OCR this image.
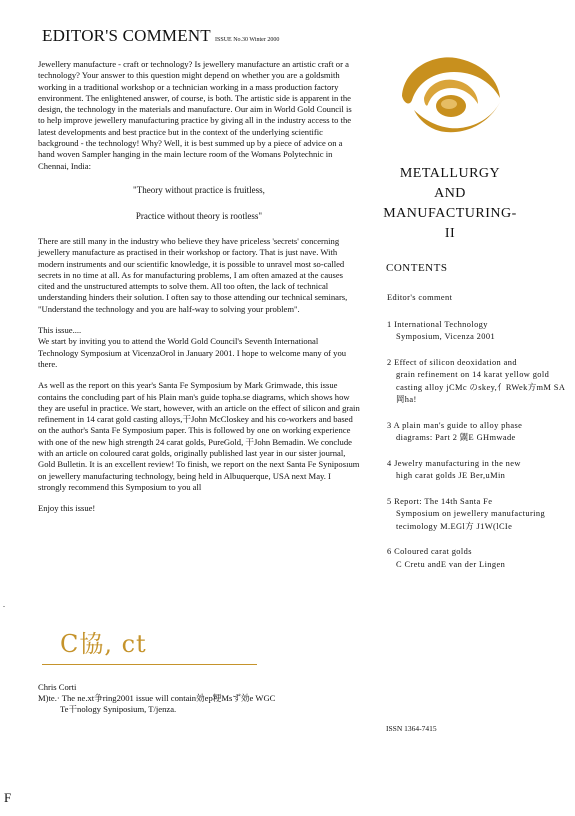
EDITOR'S COMMENT ISSUE No.30 Winter 2000

Jewellery manufacture - craft or technology? Is jewellery manufacture an artistic craft or a technology? Your answer to this question might depend on whether you are a goldsmith working in a traditional workshop or a technician working in a mass production factory environment. The enlightened answer, of course, is both. The artistic side is apparent in the design, the technology in the materials and manufacture. Our aim in World Gold Council is to help improve jewellery manufacturing practice by giving all in the industry access to the latest developments and best practice but in the context of the underlying scientific background - the technology! Why? Well, it is best summed up by a piece of advice on a hand woven Sampler hanging in the main lecture room of the Womans Polytechnic in Chennai, India:

"Theory without practice is fruitless,

Practice without theory is rootless"

There are still many in the industry who believe they have priceless 'secrets' concerning jewellery manufacture as practised in their workshop or factory. That is just nave. With modern instruments and our scientific knowledge, it is possible to unravel most so-called secrets in no time at all. As for manufacturing problems, I am often amazed at the causes cited and the unstructured attempts to solve them. All too often, the lack of technical understanding hinders their solution. I often say to those attending our technical seminars, "Understand the technology and you are half-way to solving your problem".

This issue....

We start by inviting you to attend the World Gold Council's Seventh International Technology Symposium at VicenzaOrol in January 2001. I hope to welcome many of you there.

As well as the report on this year's Santa Fe Symposium by Mark Grimwade, this issue contains the concluding part of his Plain man's guide topha.se diagrams, which shows how they are useful in practice. We start, however, with an article on the effect of silicon and grain refinement in 14 carat gold casting alloys,干John McCloskey and his co-workers and based on the author's Santa Fe Symposium paper. This is followed by one on working experience with one of the new high strength 24 carat golds, PureGold, 干John Bemadin. We conclude with an article on coloured carat golds, originally published last year in our sister journal, Gold Bulletin. It is an excellent review! To finish, we report on the next Santa Fe Syniposıum on jewellery manufacturing technology, being held in Albuquerque, USA next May. I strongly recommend this Symposium to you all

Enjoy this issue!

C協, ct
Chris Corti
M)te.· The ne.xt争ring2001 issue will contain効ep粳Msず効e WGC
Te干nology Syniposium, T/jenza.
.
F
METALLURGY
AND
MANUFACTURING-
II
CONTENTS
Editor's comment
1 International Technology
Symposium, Vicenza 2001
2 Effect of silicon deoxidation and
grain refinement on 14 karat yellow gold casting alloy jCMc のskey,亻RWek方mM SA岡ha!
3 A plain man's guide to alloy phase
diagrams: Part 2 皩E GHmwade
4 Jewelry manufacturing in the new
high carat golds JE Ber,uMin
5 Report: The 14th Santa Fe
Symposium on jewellery manufacturing tecimology M.EGl方 J1W(lCIe
6 Coloured carat golds
C Cretu andE van der Lingen
ISSN 1364-7415
